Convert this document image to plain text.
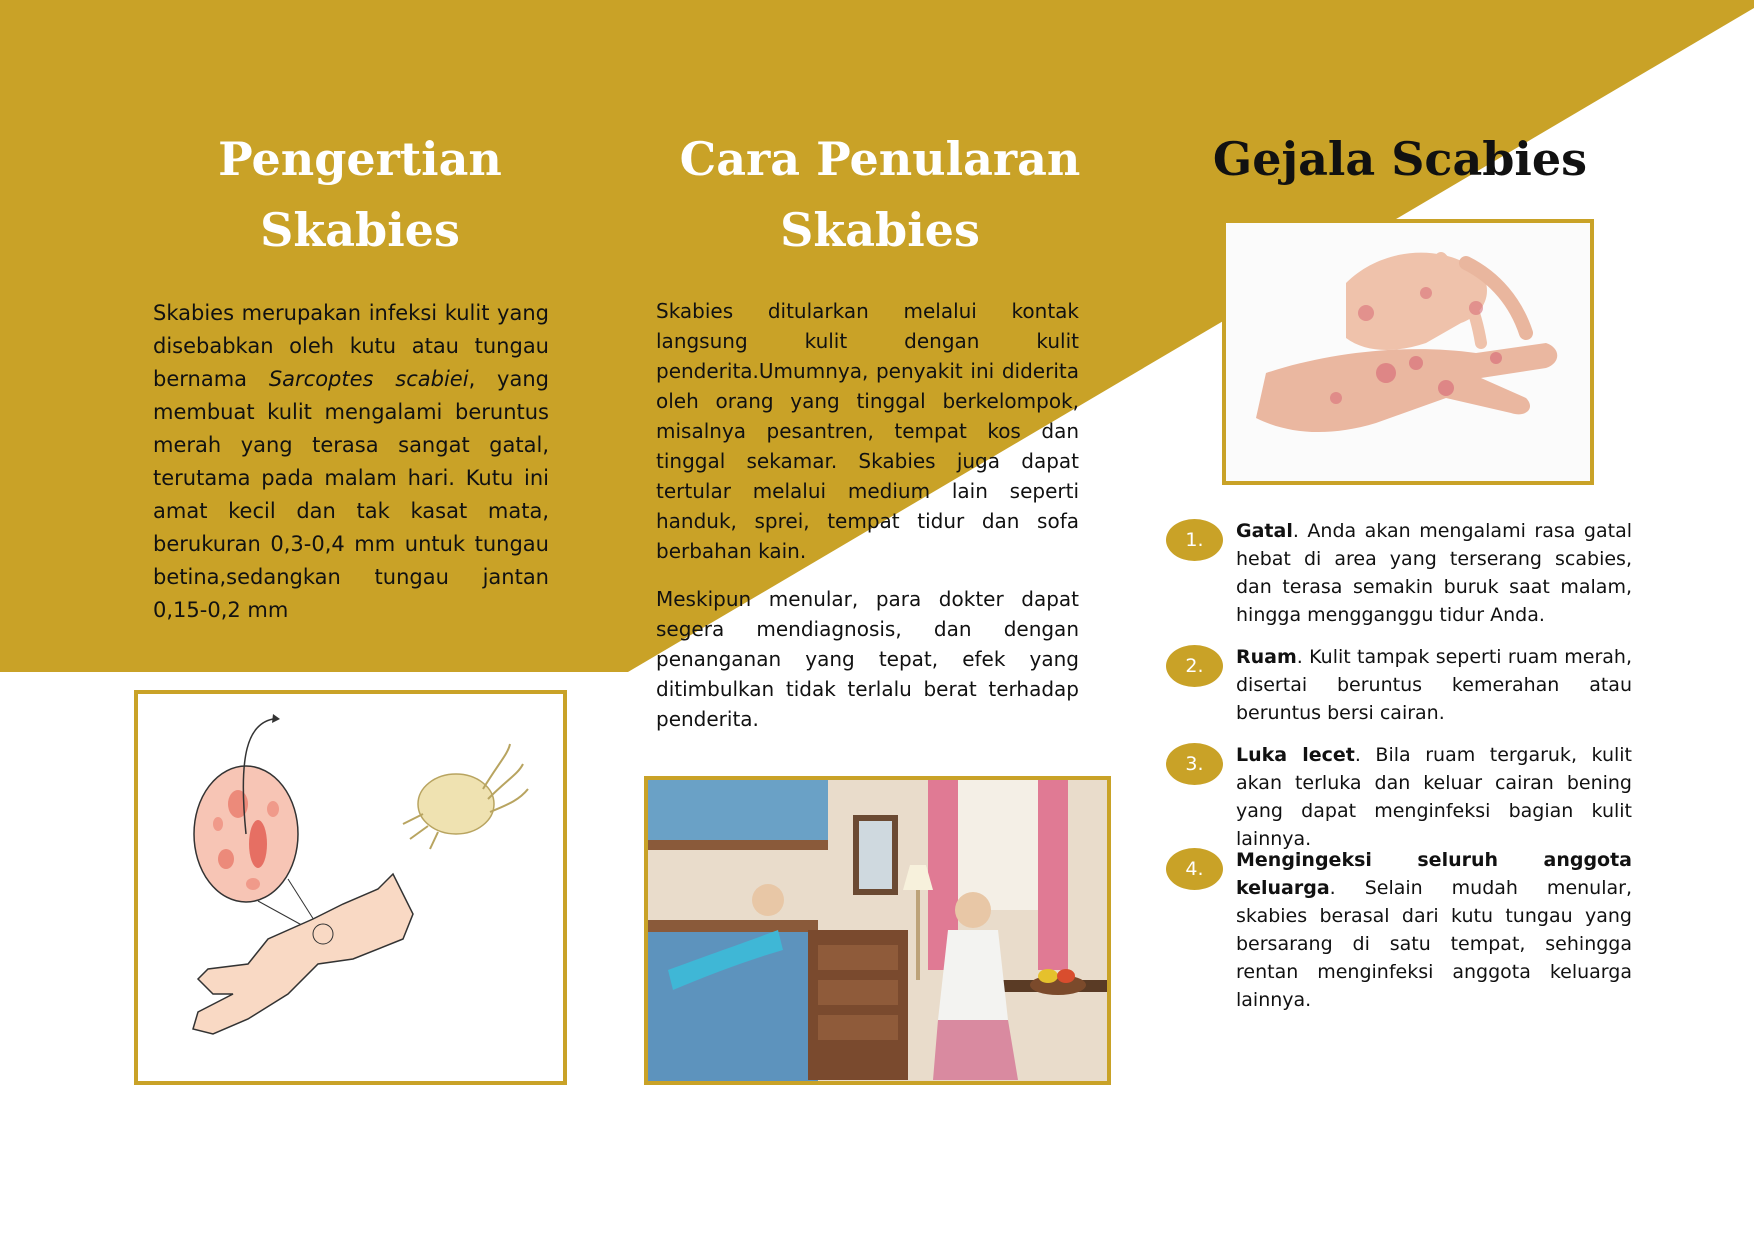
Pengertian Skabies

Skabies merupakan infeksi kulit yang disebabkan oleh kutu atau tungau bernama Sarcoptes scabiei, yang membuat kulit mengalami beruntus merah yang terasa sangat gatal, terutama pada malam hari. Kutu ini amat kecil dan tak kasat mata, berukuran 0,3-0,4 mm untuk tungau betina,sedangkan tungau jantan 0,15-0,2 mm

Cara Penularan Skabies

Skabies ditularkan melalui kontak langsung kulit dengan kulit penderita.Umumnya, penyakit ini diderita oleh orang yang tinggal berkelompok, misalnya pesantren, tempat kos dan tinggal sekamar. Skabies juga dapat tertular melalui medium lain seperti handuk, sprei, tempat tidur dan sofa berbahan kain.

Meskipun menular, para dokter dapat segera mendiagnosis, dan dengan penanganan yang tepat, efek yang ditimbulkan tidak terlalu berat terhadap penderita.

Gejala Scabies
1.	Gatal. Anda akan mengalami rasa gatal hebat di area yang terserang scabies, dan terasa semakin buruk saat malam, hingga mengganggu tidur Anda.

2.	Ruam. Kulit tampak seperti ruam merah, disertai beruntus kemerahan atau beruntus bersi cairan.

3.	Luka lecet. Bila ruam tergaruk, kulit akan terluka dan keluar cairan bening yang dapat menginfeksi bagian kulit lainnya.

4.	Mengingeksi seluruh anggota keluarga. Selain mudah menular, skabies berasal dari kutu tungau yang bersarang di satu tempat, sehingga rentan menginfeksi anggota keluarga lainnya.
